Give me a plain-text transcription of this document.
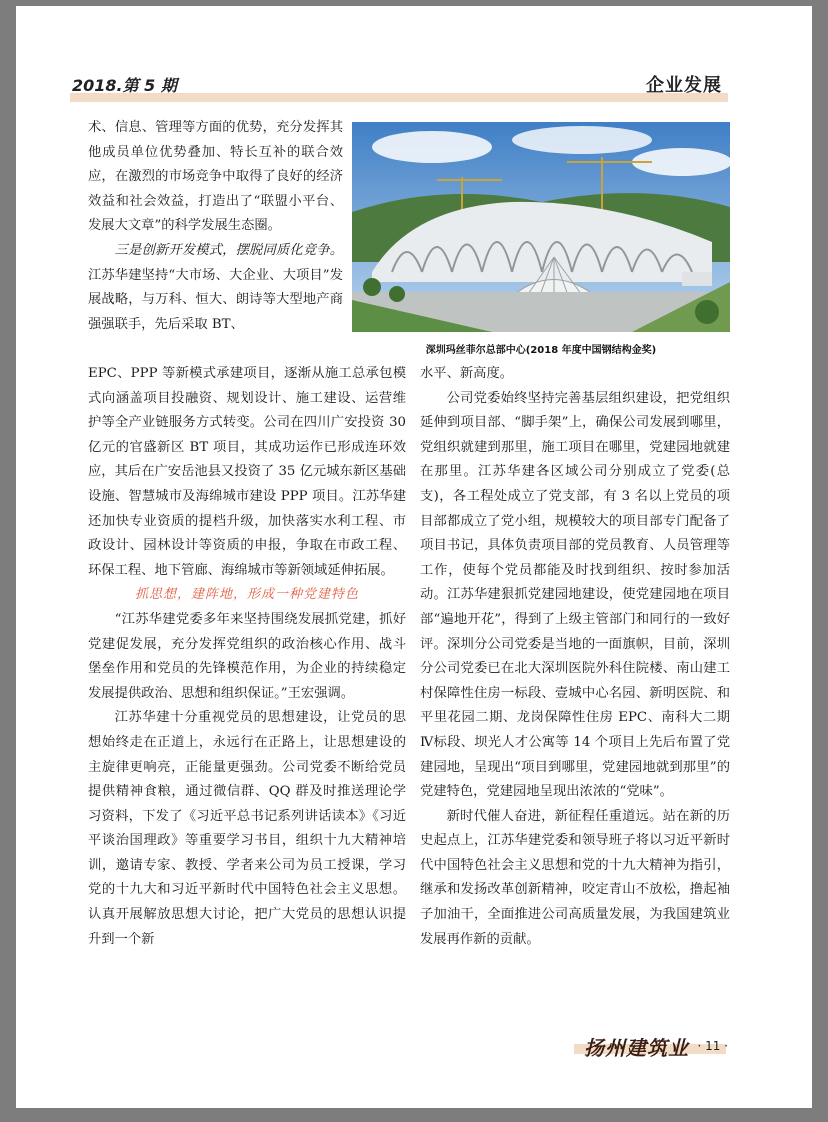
2018.第 5 期	企业发展

术、信息、管理等方面的优势，充分发挥其他成员单位优势叠加、特长互补的联合效应，在激烈的市场竞争中取得了良好的经济效益和社会效益，打造出了“联盟小平台、发展大文章”的科学发展生态圈。

三是创新开发模式，摆脱同质化竞争。江苏华建坚持“大市场、大企业、大项目”发展战略，与万科、恒大、朗诗等大型地产商强强联手，先后采取 BT、

深圳玛丝菲尔总部中心(2018 年度中国钢结构金奖)

EPC、PPP 等新模式承建项目，逐渐从施工总承包模式向涵盖项目投融资、规划设计、施工建设、运营维护等全产业链服务方式转变。公司在四川广安投资 30 亿元的官盛新区 BT 项目，其成功运作已形成连环效应，其后在广安岳池县又投资了 35 亿元城东新区基础设施、智慧城市及海绵城市建设 PPP 项目。江苏华建还加快专业资质的提档升级，加快落实水利工程、市政设计、园林设计等资质的申报，争取在市政工程、环保工程、地下管廊、海绵城市等新领域延伸拓展。

抓思想，建阵地，形成一种党建特色

“江苏华建党委多年来坚持围绕发展抓党建，抓好党建促发展，充分发挥党组织的政治核心作用、战斗堡垒作用和党员的先锋模范作用，为企业的持续稳定发展提供政治、思想和组织保证。”王宏强调。

江苏华建十分重视党员的思想建设，让党员的思想始终走在正道上，永远行在正路上，让思想建设的主旋律更响亮，正能量更强劲。公司党委不断给党员提供精神食粮，通过微信群、QQ 群及时推送理论学习资料，下发了《习近平总书记系列讲话读本》《习近平谈治国理政》等重要学习书目，组织十九大精神培训，邀请专家、教授、学者来公司为员工授课，学习党的十九大和习近平新时代中国特色社会主义思想。认真开展解放思想大讨论，把广大党员的思想认识提升到一个新

水平、新高度。

公司党委始终坚持完善基层组织建设，把党组织延伸到项目部、“脚手架”上，确保公司发展到哪里，党组织就建到那里，施工项目在哪里，党建园地就建在那里。江苏华建各区域公司分别成立了党委(总支)，各工程处成立了党支部，有 3 名以上党员的项目部都成立了党小组，规模较大的项目部专门配备了项目书记，具体负责项目部的党员教育、人员管理等工作，使每个党员都能及时找到组织、按时参加活动。江苏华建狠抓党建园地建设，使党建园地在项目部“遍地开花”，得到了上级主管部门和同行的一致好评。深圳分公司党委是当地的一面旗帜，目前，深圳分公司党委已在北大深圳医院外科住院楼、南山建工村保障性住房一标段、壹城中心名园、新明医院、和平里花园二期、龙岗保障性住房 EPC、南科大二期Ⅳ标段、坝光人才公寓等 14 个项目上先后布置了党建园地，呈现出“项目到哪里，党建园地就到那里”的党建特色，党建园地呈现出浓浓的“党味”。

新时代催人奋进，新征程任重道远。站在新的历史起点上，江苏华建党委和领导班子将以习近平新时代中国特色社会主义思想和党的十九大精神为指引，继承和发扬改革创新精神，咬定青山不放松，撸起袖子加油干，全面推进公司高质量发展，为我国建筑业发展再作新的贡献。

扬州建筑业 · 11 ·
